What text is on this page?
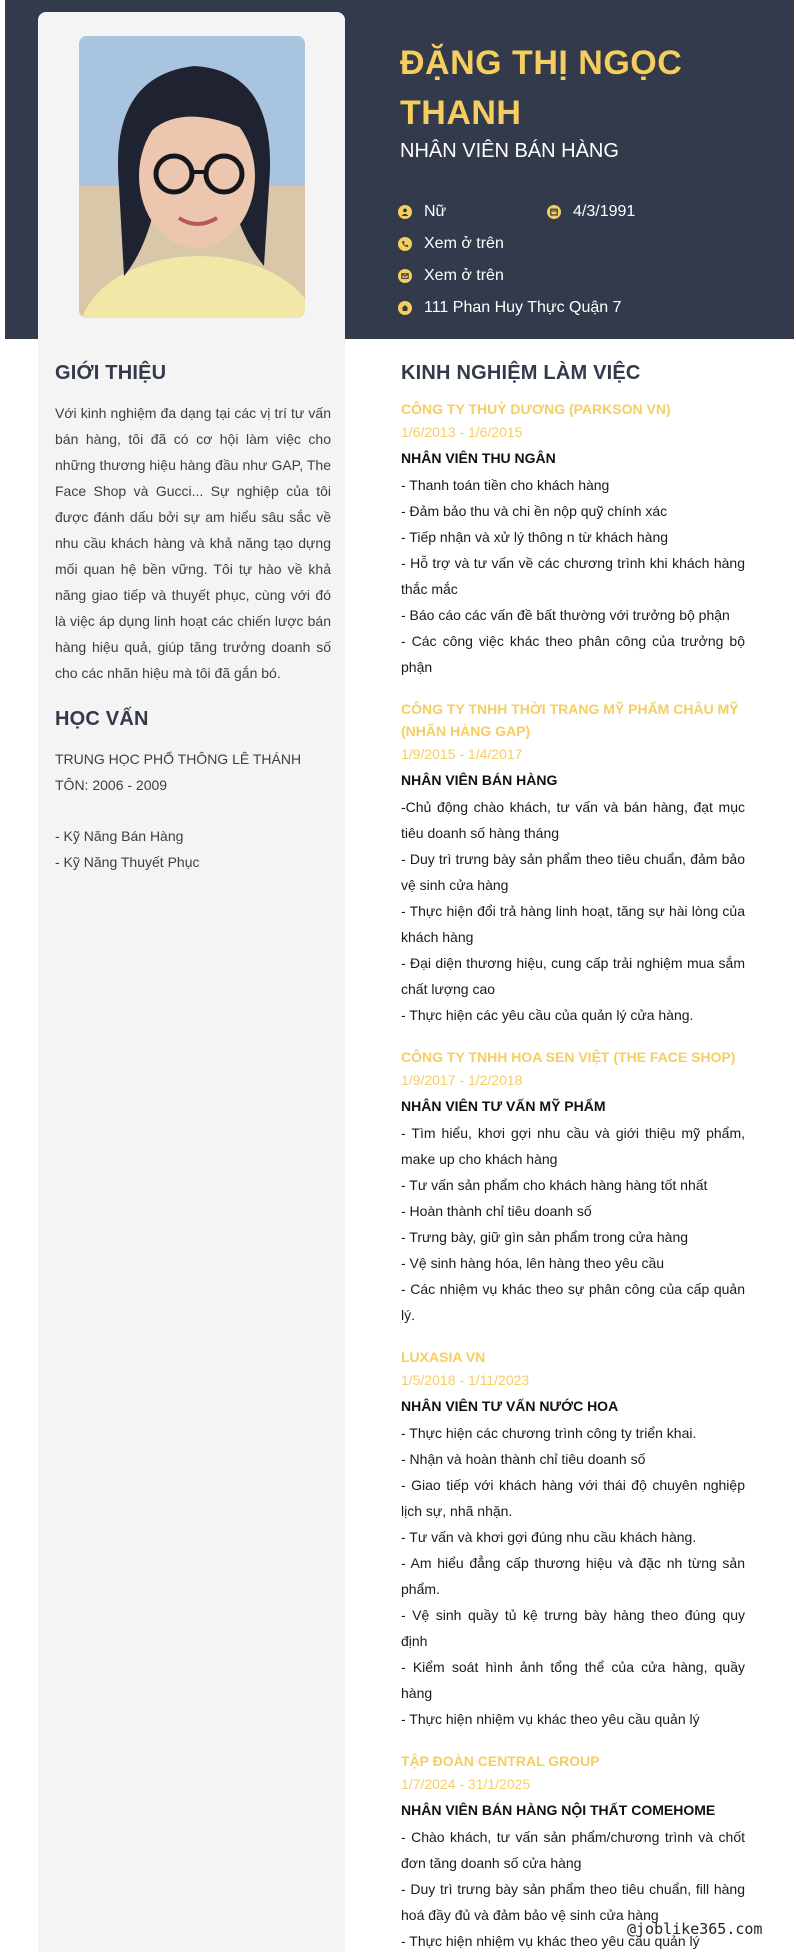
ĐẶNG THỊ NGỌC THANH
NHÂN VIÊN BÁN HÀNG
Nữ	4/3/1991
Xem ở trên
Xem ở trên
111 Phan Huy Thực Quận 7
GIỚI THIỆU
Với kinh nghiệm đa dạng tại các vị trí tư vấn bán hàng, tôi đã có cơ hội làm việc cho những thương hiệu hàng đầu như GAP, The Face Shop và Gucci... Sự nghiệp của tôi được đánh dấu bởi sự am hiểu sâu sắc về nhu cầu khách hàng và khả năng tạo dựng mối quan hệ bền vững. Tôi tự hào về khả năng giao tiếp và thuyết phục, cùng với đó là việc áp dụng linh hoạt các chiến lược bán hàng hiệu quả, giúp tăng trưởng doanh số cho các nhãn hiệu mà tôi đã gắn bó.
HỌC VẤN
TRUNG HỌC PHỔ THÔNG LÊ THÁNH TÔN: 2006 - 2009
- Kỹ Năng Bán Hàng
- Kỹ Năng Thuyết Phục
KINH NGHIỆM LÀM VIỆC
CÔNG TY THUỲ DƯƠNG (PARKSON VN)
1/6/2013 - 1/6/2015
NHÂN VIÊN THU NGÂN
- Thanh toán tiền cho khách hàng
- Đảm bảo thu và chi ền nộp quỹ chính xác
- Tiếp nhận và xử lý thông n từ khách hàng
- Hỗ trợ và tư vấn về các chương trình khi khách hàng thắc mắc
- Báo cáo các vấn đề bất thường với trưởng bộ phận
- Các công việc khác theo phân công của trưởng bộ phận
CÔNG TY TNHH THỜI TRANG MỸ PHẨM CHÂU MỸ (NHÃN HÀNG GAP)
1/9/2015 - 1/4/2017
NHÂN VIÊN BÁN HÀNG
-Chủ động chào khách, tư vấn và bán hàng, đạt mục tiêu doanh số hàng tháng
- Duy trì trưng bày sản phẩm theo tiêu chuẩn, đảm bảo vệ sinh cửa hàng
- Thực hiện đổi trả hàng linh hoạt, tăng sự hài lòng của khách hàng
- Đại diện thương hiệu, cung cấp trải nghiệm mua sắm chất lượng cao
- Thực hiện các yêu cầu của quản lý cửa hàng.
CÔNG TY TNHH HOA SEN VIỆT (THE FACE SHOP)
1/9/2017 - 1/2/2018
NHÂN VIÊN TƯ VẤN MỸ PHẨM
- Tìm hiểu, khơi gợi nhu cầu và giới thiệu mỹ phẩm, make up cho khách hàng
- Tư vấn sản phẩm cho khách hàng hàng tốt nhất
- Hoàn thành chỉ tiêu doanh số
- Trưng bày, giữ gìn sản phẩm trong cửa hàng
- Vệ sinh hàng hóa, lên hàng theo yêu cầu
- Các nhiệm vụ khác theo sự phân công của cấp quản lý.
LUXASIA VN
1/5/2018 - 1/11/2023
NHÂN VIÊN TƯ VẤN NƯỚC HOA
- Thực hiện các chương trình công ty triển khai.
- Nhận và hoàn thành chỉ tiêu doanh số
- Giao tiếp với khách hàng với thái độ chuyên nghiệp lịch sự, nhã nhặn.
- Tư vấn và khơi gợi đúng nhu cầu khách hàng.
- Am hiểu đẳng cấp thương hiệu và đặc nh từng sản phẩm.
- Vệ sinh quầy tủ kệ trưng bày hàng theo đúng quy định
- Kiểm soát hình ảnh tổng thể của cửa hàng, quầy hàng
- Thực hiện nhiệm vụ khác theo yêu cầu quản lý
TẬP ĐOÀN CENTRAL GROUP
1/7/2024 - 31/1/2025
NHÂN VIÊN BÁN HÀNG NỘI THẤT COMEHOME
- Chào khách, tư vấn sản phẩm/chương trình và chốt đơn tăng doanh số cửa hàng
- Duy trì trưng bày sản phẩm theo tiêu chuẩn, fill hàng hoá đầy đủ và đảm bảo vệ sinh cửa hàng
- Thực hiện nhiệm vụ khác theo yêu cầu quản lý
@joblike365.com
